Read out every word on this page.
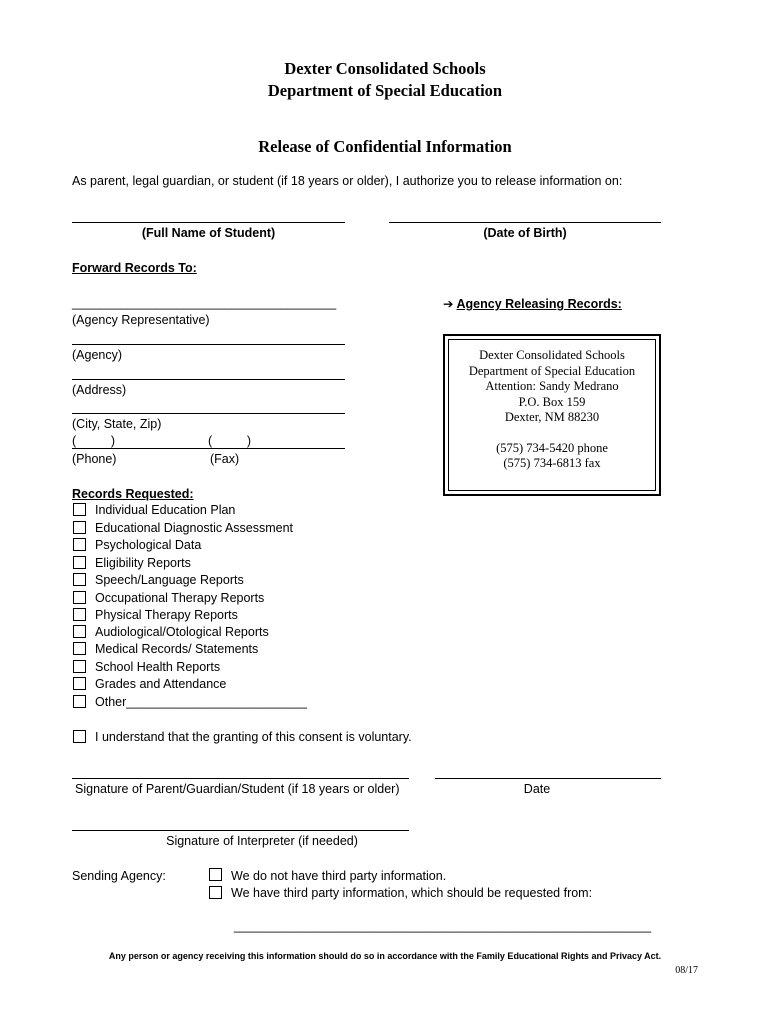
Dexter Consolidated Schools
Department of Special Education
Release of Confidential Information
As parent, legal guardian, or student (if 18 years or older), I authorize you to release information on:
(Full Name of Student)	(Date of Birth)
Forward Records To:
______________________________________
(Agency Representative)
(Agency)
(Address)
(City, State, Zip)
(          )	(          )
(Phone)	(Fax)
➔ Agency Releasing Records:
Dexter Consolidated Schools
Department of Special Education
Attention: Sandy Medrano
P.O. Box 159
Dexter, NM 88230
(575) 734-5420 phone
(575) 734-6813 fax
Records Requested:
Individual Education Plan
Educational Diagnostic Assessment
Psychological Data
Eligibility Reports
Speech/Language Reports
Occupational Therapy Reports
Physical Therapy Reports
Audiological/Otological Reports
Medical Records/ Statements
School Health Reports
Grades and Attendance
Other__________________________
I understand that the granting of this consent is voluntary.
Signature of Parent/Guardian/Student (if 18 years or older)	Date
Signature of Interpreter (if needed)
Sending Agency:	We do not have third party information.
We have third party information, which should be requested from:
____________________________________________________________
Any person or agency receiving this information should do so in accordance with the Family Educational Rights and Privacy Act.
08/17
